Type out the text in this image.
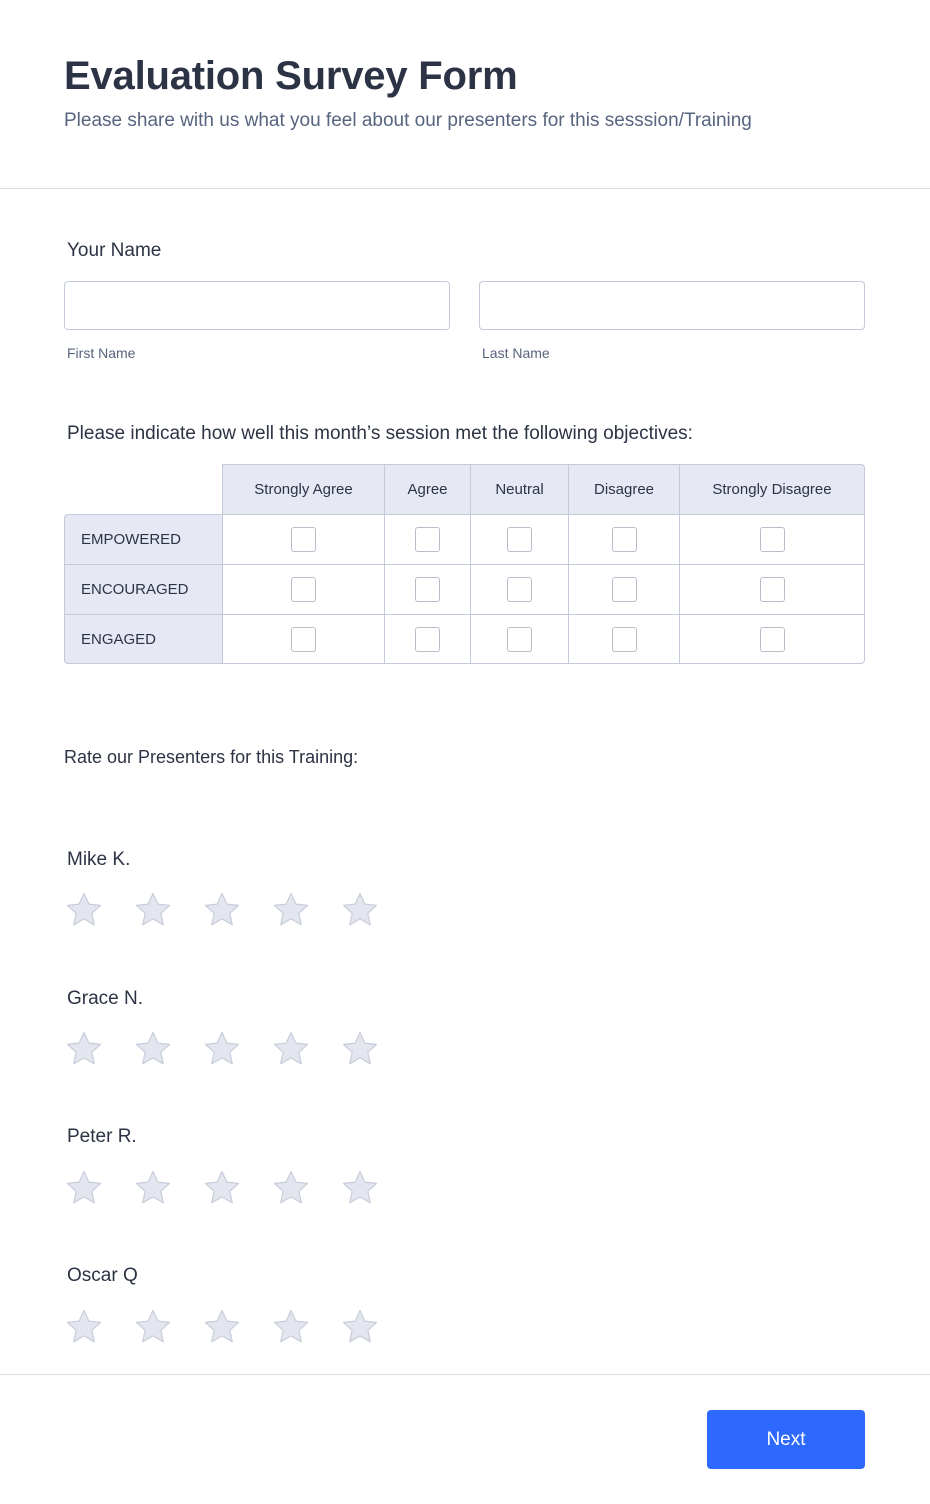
Evaluation Survey Form
Please share with us what you feel about our presenters for this sesssion/Training
Your Name
First Name	Last Name
Please indicate how well this month’s session met the following objectives:
Strongly Agree	Agree	Neutral	Disagree	Strongly Disagree
EMPOWERED
ENCOURAGED
ENGAGED
Rate our Presenters for this Training:
Mike K.
Grace N.
Peter R.
Oscar Q
Next
